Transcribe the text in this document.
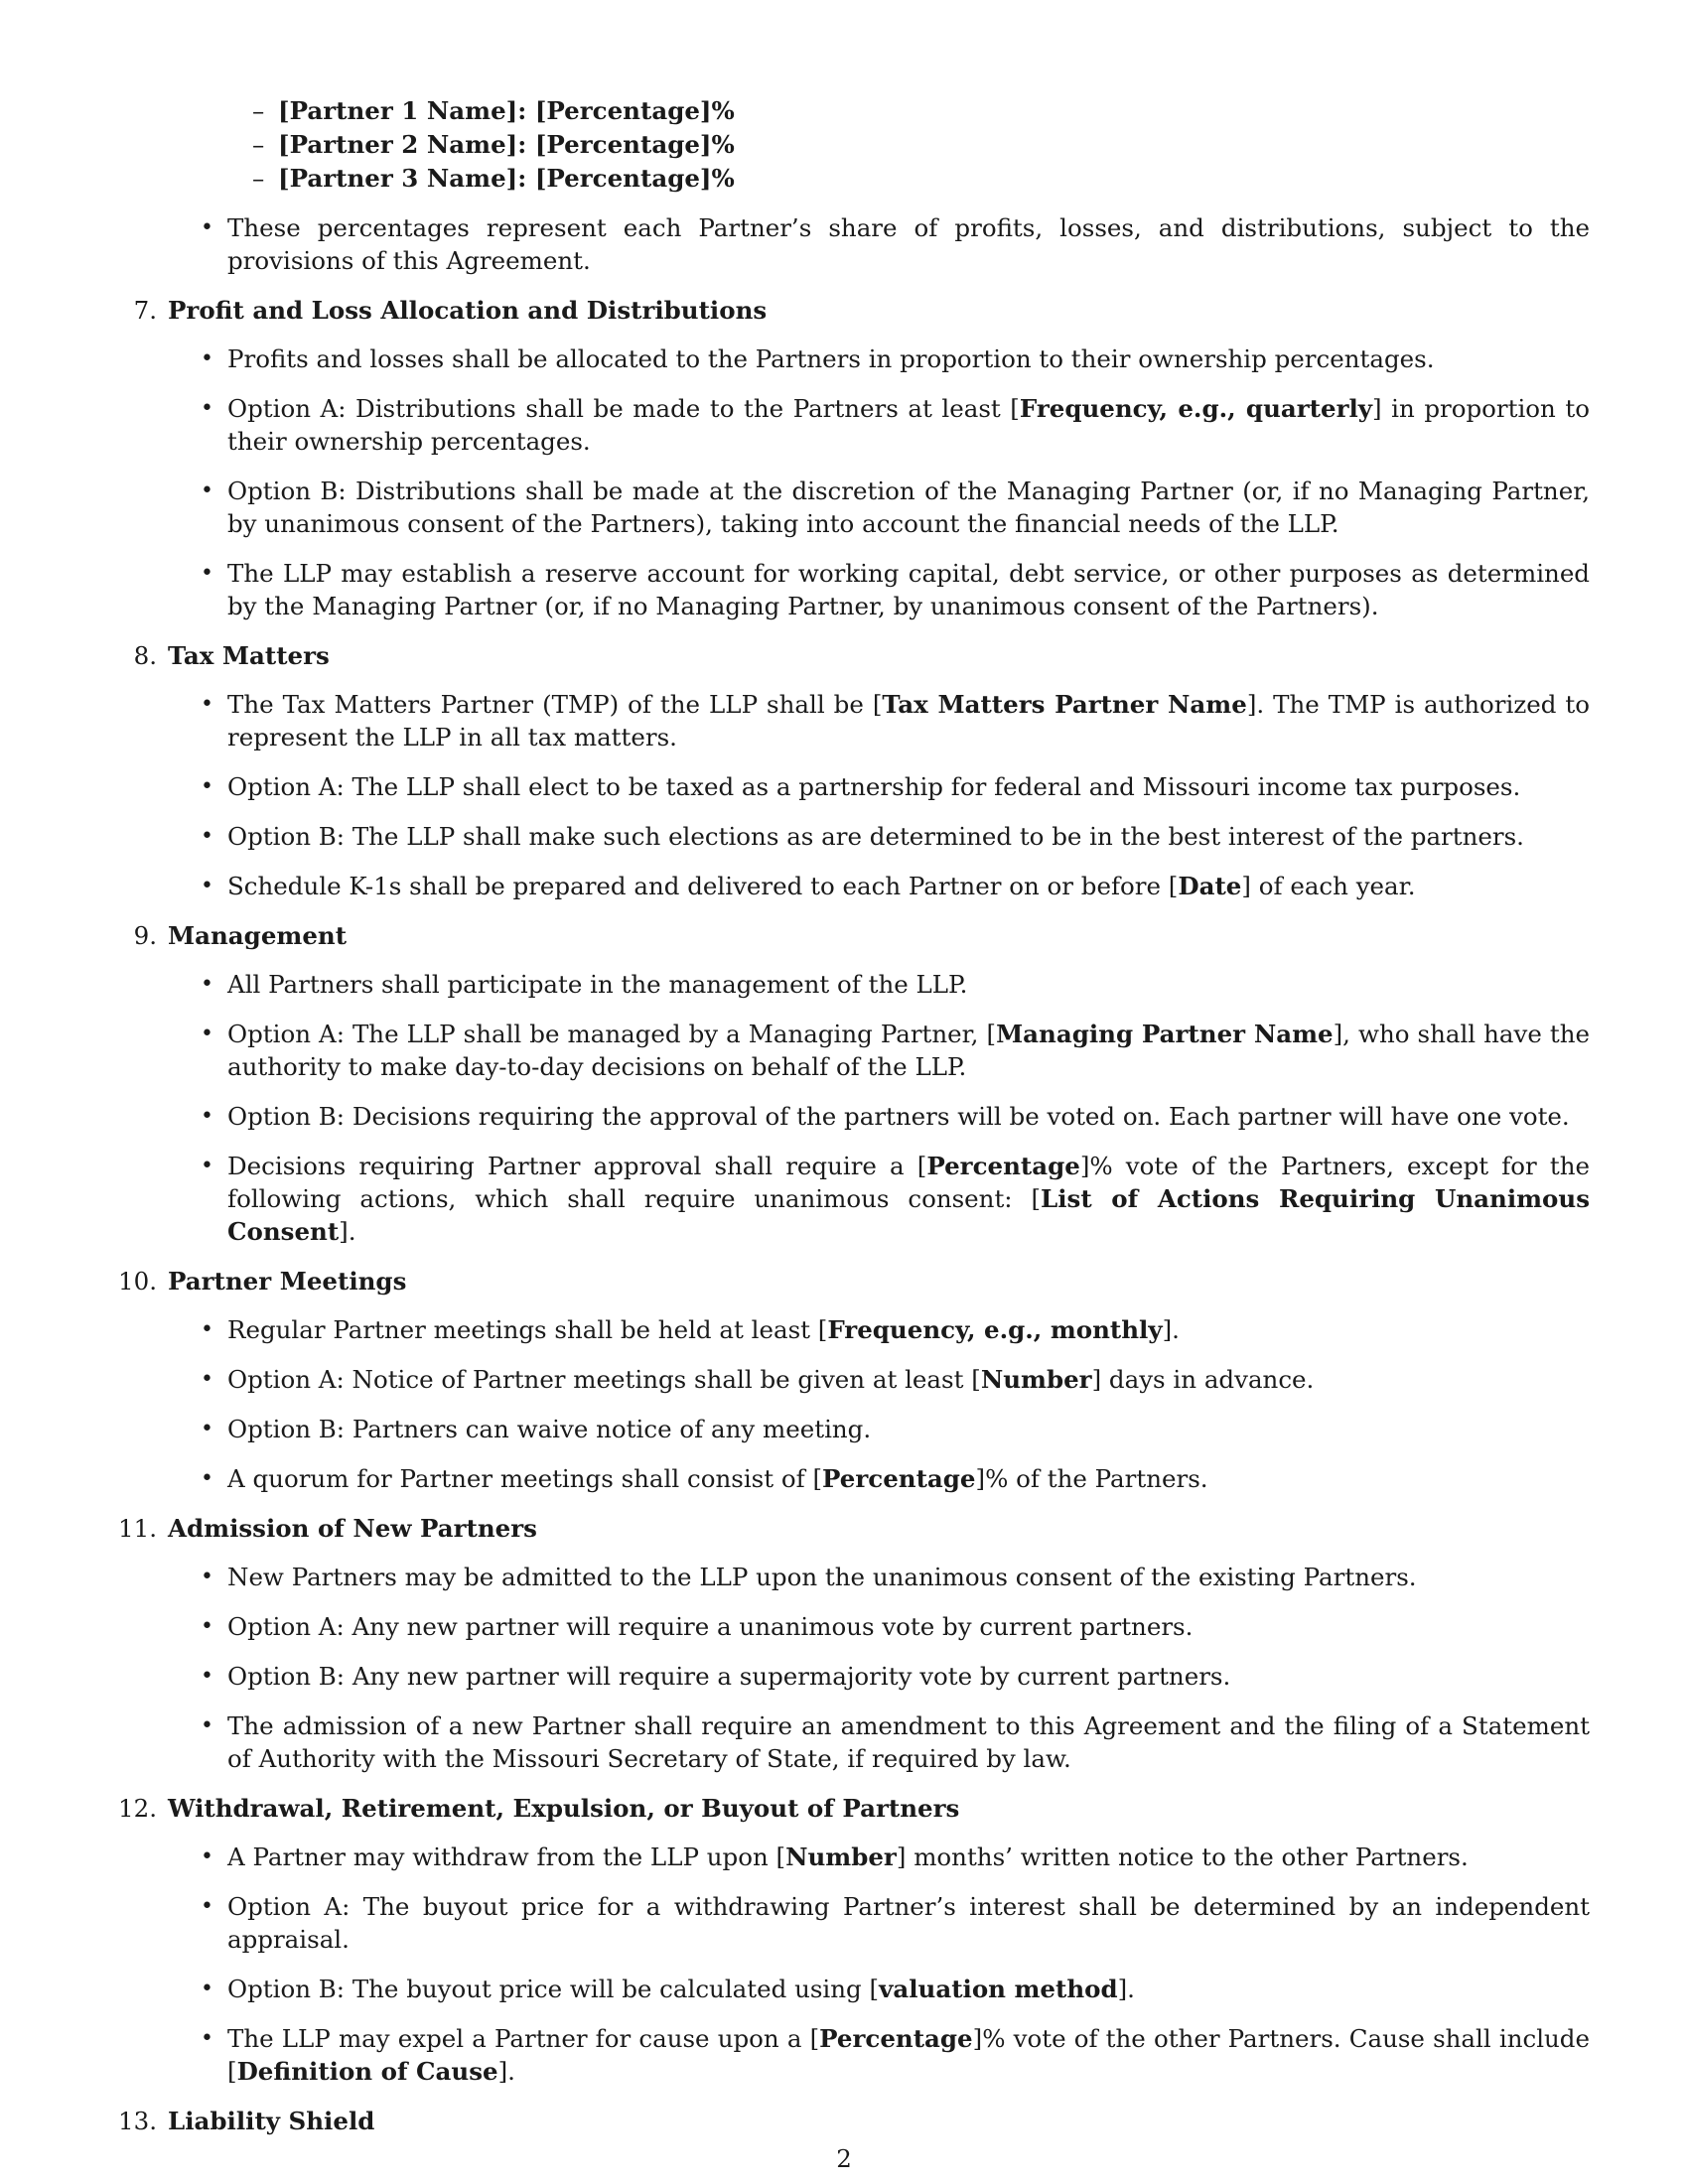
– [Partner 1 Name]: [Percentage]%
– [Partner 2 Name]: [Percentage]%
– [Partner 3 Name]: [Percentage]%
• These percentages represent each Partner’s share of profits, losses, and distributions, subject to the provisions of this Agreement.
7. Profit and Loss Allocation and Distributions
• Profits and losses shall be allocated to the Partners in proportion to their ownership percentages.
• Option A: Distributions shall be made to the Partners at least [Frequency, e.g., quarterly] in proportion to their ownership percentages.
• Option B: Distributions shall be made at the discretion of the Managing Partner (or, if no Managing Partner, by unanimous consent of the Partners), taking into account the financial needs of the LLP.
• The LLP may establish a reserve account for working capital, debt service, or other purposes as determined by the Managing Partner (or, if no Managing Partner, by unanimous consent of the Partners).
8. Tax Matters
• The Tax Matters Partner (TMP) of the LLP shall be [Tax Matters Partner Name]. The TMP is authorized to represent the LLP in all tax matters.
• Option A: The LLP shall elect to be taxed as a partnership for federal and Missouri income tax purposes.
• Option B: The LLP shall make such elections as are determined to be in the best interest of the partners.
• Schedule K-1s shall be prepared and delivered to each Partner on or before [Date] of each year.
9. Management
• All Partners shall participate in the management of the LLP.
• Option A: The LLP shall be managed by a Managing Partner, [Managing Partner Name], who shall have the authority to make day-to-day decisions on behalf of the LLP.
• Option B: Decisions requiring the approval of the partners will be voted on. Each partner will have one vote.
• Decisions requiring Partner approval shall require a [Percentage]% vote of the Partners, except for the following actions, which shall require unanimous consent: [List of Actions Requiring Unanimous Consent].
10. Partner Meetings
• Regular Partner meetings shall be held at least [Frequency, e.g., monthly].
• Option A: Notice of Partner meetings shall be given at least [Number] days in advance.
• Option B: Partners can waive notice of any meeting.
• A quorum for Partner meetings shall consist of [Percentage]% of the Partners.
11. Admission of New Partners
• New Partners may be admitted to the LLP upon the unanimous consent of the existing Partners.
• Option A: Any new partner will require a unanimous vote by current partners.
• Option B: Any new partner will require a supermajority vote by current partners.
• The admission of a new Partner shall require an amendment to this Agreement and the filing of a Statement of Authority with the Missouri Secretary of State, if required by law.
12. Withdrawal, Retirement, Expulsion, or Buyout of Partners
• A Partner may withdraw from the LLP upon [Number] months’ written notice to the other Partners.
• Option A: The buyout price for a withdrawing Partner’s interest shall be determined by an independent appraisal.
• Option B: The buyout price will be calculated using [valuation method].
• The LLP may expel a Partner for cause upon a [Percentage]% vote of the other Partners. Cause shall include [Definition of Cause].
13. Liability Shield
2
